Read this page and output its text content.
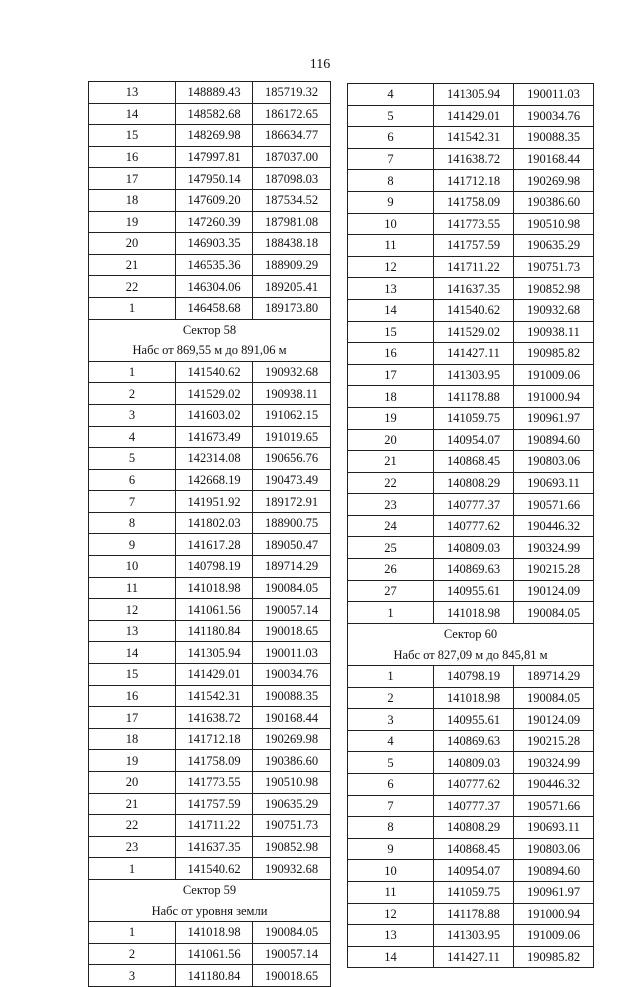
116
13	148889.43	185719.32
14	148582.68	186172.65
15	148269.98	186634.77
16	147997.81	187037.00
17	147950.14	187098.03
18	147609.20	187534.52
19	147260.39	187981.08
20	146903.35	188438.18
21	146535.36	188909.29
22	146304.06	189205.41
1	146458.68	189173.80
Сектор 58		
Набс от 869,55 м до 891,06 м		
1	141540.62	190932.68
2	141529.02	190938.11
3	141603.02	191062.15
4	141673.49	191019.65
5	142314.08	190656.76
6	142668.19	190473.49
7	141951.92	189172.91
8	141802.03	188900.75
9	141617.28	189050.47
10	140798.19	189714.29
11	141018.98	190084.05
12	141061.56	190057.14
13	141180.84	190018.65
14	141305.94	190011.03
15	141429.01	190034.76
16	141542.31	190088.35
17	141638.72	190168.44
18	141712.18	190269.98
19	141758.09	190386.60
20	141773.55	190510.98
21	141757.59	190635.29
22	141711.22	190751.73
23	141637.35	190852.98
1	141540.62	190932.68
Сектор 59		
Набс от уровня земли		
1	141018.98	190084.05
2	141061.56	190057.14
3	141180.84	190018.65
4	141305.94	190011.03
5	141429.01	190034.76
6	141542.31	190088.35
7	141638.72	190168.44
8	141712.18	190269.98
9	141758.09	190386.60
10	141773.55	190510.98
11	141757.59	190635.29
12	141711.22	190751.73
13	141637.35	190852.98
14	141540.62	190932.68
15	141529.02	190938.11
16	141427.11	190985.82
17	141303.95	191009.06
18	141178.88	191000.94
19	141059.75	190961.97
20	140954.07	190894.60
21	140868.45	190803.06
22	140808.29	190693.11
23	140777.37	190571.66
24	140777.62	190446.32
25	140809.03	190324.99
26	140869.63	190215.28
27	140955.61	190124.09
1	141018.98	190084.05
Сектор 60		
Набс от 827,09 м до 845,81 м		
1	140798.19	189714.29
2	141018.98	190084.05
3	140955.61	190124.09
4	140869.63	190215.28
5	140809.03	190324.99
6	140777.62	190446.32
7	140777.37	190571.66
8	140808.29	190693.11
9	140868.45	190803.06
10	140954.07	190894.60
11	141059.75	190961.97
12	141178.88	191000.94
13	141303.95	191009.06
14	141427.11	190985.82
